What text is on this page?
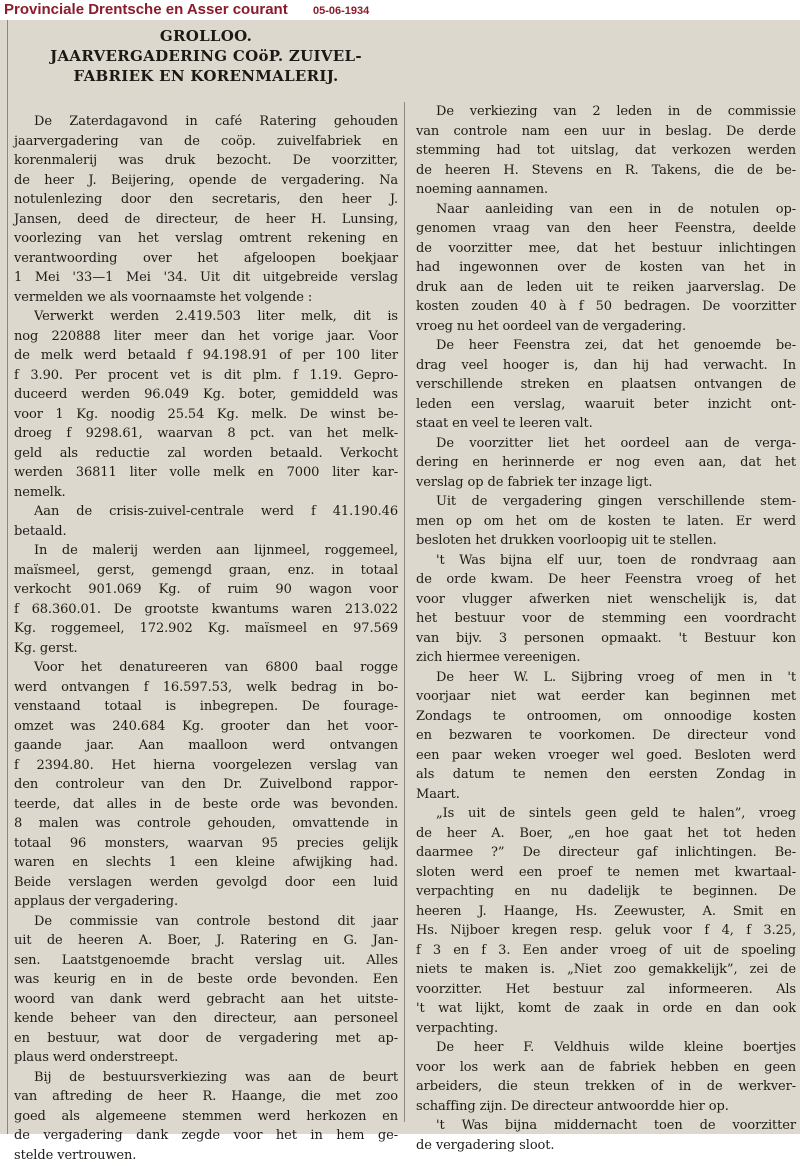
Provinciale Drentsche en Asser courant 05-06-1934
GROLLOO.
JAARVERGADERING COöP. ZUIVEL-
FABRIEK EN KORENMALERIJ.
De Zaterdagavond in café Ratering gehouden
jaarvergadering van de coöp. zuivelfabriek en
korenmalerij was druk bezocht. De voorzitter,
de heer J. Beijering, opende de vergadering. Na
notulenlezing door den secretaris, den heer J.
Jansen, deed de directeur, de heer H. Lunsing,
voorlezing van het verslag omtrent rekening en
verantwoording over het afgeloopen boekjaar
1 Mei '33—1 Mei '34. Uit dit uitgebreide verslag
vermelden we als voornaamste het volgende :
Verwerkt werden 2.419.503 liter melk, dit is
nog 220888 liter meer dan het vorige jaar. Voor
de melk werd betaald f 94.198.91 of per 100 liter
f 3.90. Per procent vet is dit plm. f 1.19. Gepro-
duceerd werden 96.049 Kg. boter, gemiddeld was
voor 1 Kg. noodig 25.54 Kg. melk. De winst be-
droeg f 9298.61, waarvan 8 pct. van het melk-
geld als reductie zal worden betaald. Verkocht
werden 36811 liter volle melk en 7000 liter kar-
nemelk.
Aan de crisis-zuivel-centrale werd f 41.190.46
betaald.
In de malerij werden aan lijnmeel, roggemeel,
maïsmeel, gerst, gemengd graan, enz. in totaal
verkocht 901.069 Kg. of ruim 90 wagon voor
f 68.360.01. De grootste kwantums waren 213.022
Kg. roggemeel, 172.902 Kg. maïsmeel en 97.569
Kg. gerst.
Voor het denatureeren van 6800 baal rogge
werd ontvangen f 16.597.53, welk bedrag in bo-
venstaand totaal is inbegrepen. De fourage-
omzet was 240.684 Kg. grooter dan het voor-
gaande jaar. Aan maalloon werd ontvangen
f 2394.80. Het hierna voorgelezen verslag van
den controleur van den Dr. Zuivelbond rappor-
teerde, dat alles in de beste orde was bevonden.
8 malen was controle gehouden, omvattende in
totaal 96 monsters, waarvan 95 precies gelijk
waren en slechts 1 een kleine afwijking had.
Beide verslagen werden gevolgd door een luid
applaus der vergadering.
De commissie van controle bestond dit jaar
uit de heeren A. Boer, J. Ratering en G. Jan-
sen. Laatstgenoemde bracht verslag uit. Alles
was keurig en in de beste orde bevonden. Een
woord van dank werd gebracht aan het uitste-
kende beheer van den directeur, aan personeel
en bestuur, wat door de vergadering met ap-
plaus werd onderstreept.
Bij de bestuursverkiezing was aan de beurt
van aftreding de heer R. Haange, die met zoo
goed als algemeene stemmen werd herkozen en
de vergadering dank zegde voor het in hem ge-
stelde vertrouwen.
De verkiezing van 2 leden in de commissie
van controle nam een uur in beslag. De derde
stemming had tot uitslag, dat verkozen werden
de heeren H. Stevens en R. Takens, die de be-
noeming aannamen.
Naar aanleiding van een in de notulen op-
genomen vraag van den heer Feenstra, deelde
de voorzitter mee, dat het bestuur inlichtingen
had ingewonnen over de kosten van het in
druk aan de leden uit te reiken jaarverslag. De
kosten zouden 40 à f 50 bedragen. De voorzitter
vroeg nu het oordeel van de vergadering.
De heer Feenstra zei, dat het genoemde be-
drag veel hooger is, dan hij had verwacht. In
verschillende streken en plaatsen ontvangen de
leden een verslag, waaruit beter inzicht ont-
staat en veel te leeren valt.
De voorzitter liet het oordeel aan de verga-
dering en herinnerde er nog even aan, dat het
verslag op de fabriek ter inzage ligt.
Uit de vergadering gingen verschillende stem-
men op om het om de kosten te laten. Er werd
besloten het drukken voorloopig uit te stellen.
't Was bijna elf uur, toen de rondvraag aan
de orde kwam. De heer Feenstra vroeg of het
voor vlugger afwerken niet wenschelijk is, dat
het bestuur voor de stemming een voordracht
van bijv. 3 personen opmaakt. 't Bestuur kon
zich hiermee vereenigen.
De heer W. L. Sijbring vroeg of men in 't
voorjaar niet wat eerder kan beginnen met
Zondags te ontroomen, om onnoodige kosten
en bezwaren te voorkomen. De directeur vond
een paar weken vroeger wel goed. Besloten werd
als datum te nemen den eersten Zondag in
Maart.
„Is uit de sintels geen geld te halen”, vroeg
de heer A. Boer, „en hoe gaat het tot heden
daarmee ?” De directeur gaf inlichtingen. Be-
sloten werd een proef te nemen met kwartaal-
verpachting en nu dadelijk te beginnen. De
heeren J. Haange, Hs. Zeewuster, A. Smit en
Hs. Nijboer kregen resp. geluk voor f 4, f 3.25,
f 3 en f 3. Een ander vroeg of uit de spoeling
niets te maken is. „Niet zoo gemakkelijk”, zei de
voorzitter. Het bestuur zal informeeren. Als
't wat lijkt, komt de zaak in orde en dan ook
verpachting.
De heer F. Veldhuis wilde kleine boertjes
voor los werk aan de fabriek hebben en geen
arbeiders, die steun trekken of in de werkver-
schaffing zijn. De directeur antwoordde hier op.
't Was bijna middernacht toen de voorzitter
de vergadering sloot.
